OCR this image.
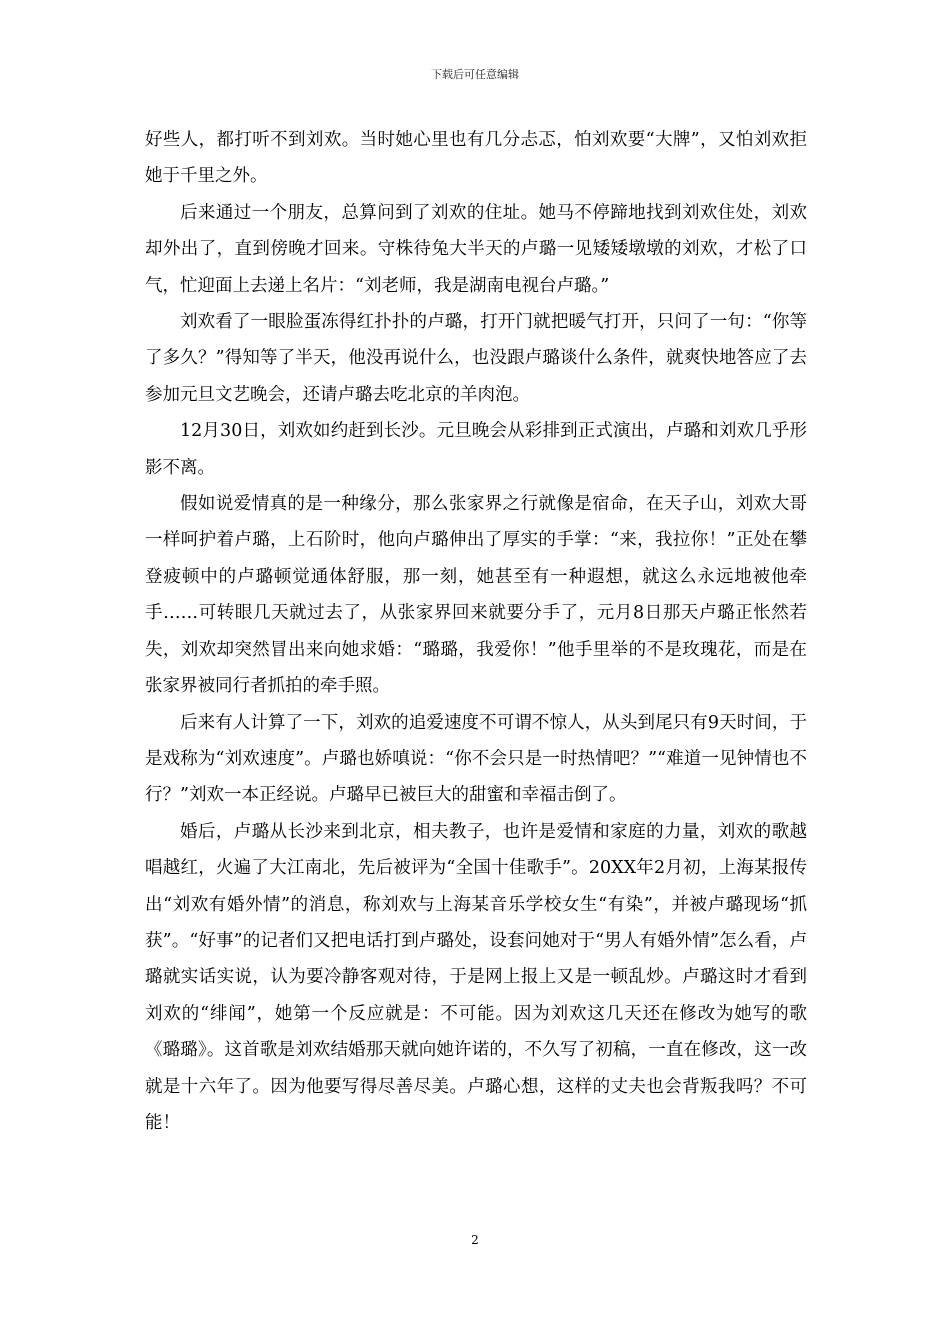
下载后可任意编辑

好些人，都打听不到刘欢。当时她心里也有几分忐忑，怕刘欢要“大牌”，又怕刘欢拒她于千里之外。

后来通过一个朋友，总算问到了刘欢的住址。她马不停蹄地找到刘欢住处，刘欢却外出了，直到傍晚才回来。守株待兔大半天的卢璐一见矮矮墩墩的刘欢，才松了口气，忙迎面上去递上名片：“刘老师，我是湖南电视台卢璐。”

刘欢看了一眼脸蛋冻得红扑扑的卢璐，打开门就把暖气打开，只问了一句：“你等了多久？”得知等了半天，他没再说什么，也没跟卢璐谈什么条件，就爽快地答应了去参加元旦文艺晚会，还请卢璐去吃北京的羊肉泡。

12月30日，刘欢如约赶到长沙。元旦晚会从彩排到正式演出，卢璐和刘欢几乎形影不离。

假如说爱情真的是一种缘分，那么张家界之行就像是宿命，在天子山，刘欢大哥一样呵护着卢璐，上石阶时，他向卢璐伸出了厚实的手掌：“来，我拉你！”正处在攀登疲顿中的卢璐顿觉通体舒服，那一刻，她甚至有一种遐想，就这么永远地被他牵手……可转眼几天就过去了，从张家界回来就要分手了，元月8日那天卢璐正怅然若失，刘欢却突然冒出来向她求婚：“璐璐，我爱你！”他手里举的不是玫瑰花，而是在张家界被同行者抓拍的牵手照。

后来有人计算了一下，刘欢的追爱速度不可谓不惊人，从头到尾只有9天时间，于是戏称为“刘欢速度”。卢璐也娇嗔说：“你不会只是一时热情吧？”“难道一见钟情也不行？”刘欢一本正经说。卢璐早已被巨大的甜蜜和幸福击倒了。

婚后，卢璐从长沙来到北京，相夫教子，也许是爱情和家庭的力量，刘欢的歌越唱越红，火遍了大江南北，先后被评为“全国十佳歌手”。20XX年2月初，上海某报传出“刘欢有婚外情”的消息，称刘欢与上海某音乐学校女生“有染”，并被卢璐现场“抓获”。“好事”的记者们又把电话打到卢璐处，设套问她对于“男人有婚外情”怎么看，卢璐就实话实说，认为要冷静客观对待，于是网上报上又是一顿乱炒。卢璐这时才看到刘欢的“绯闻”，她第一个反应就是：不可能。因为刘欢这几天还在修改为她写的歌《璐璐》。这首歌是刘欢结婚那天就向她许诺的，不久写了初稿，一直在修改，这一改就是十六年了。因为他要写得尽善尽美。卢璐心想，这样的丈夫也会背叛我吗？不可能！

2
